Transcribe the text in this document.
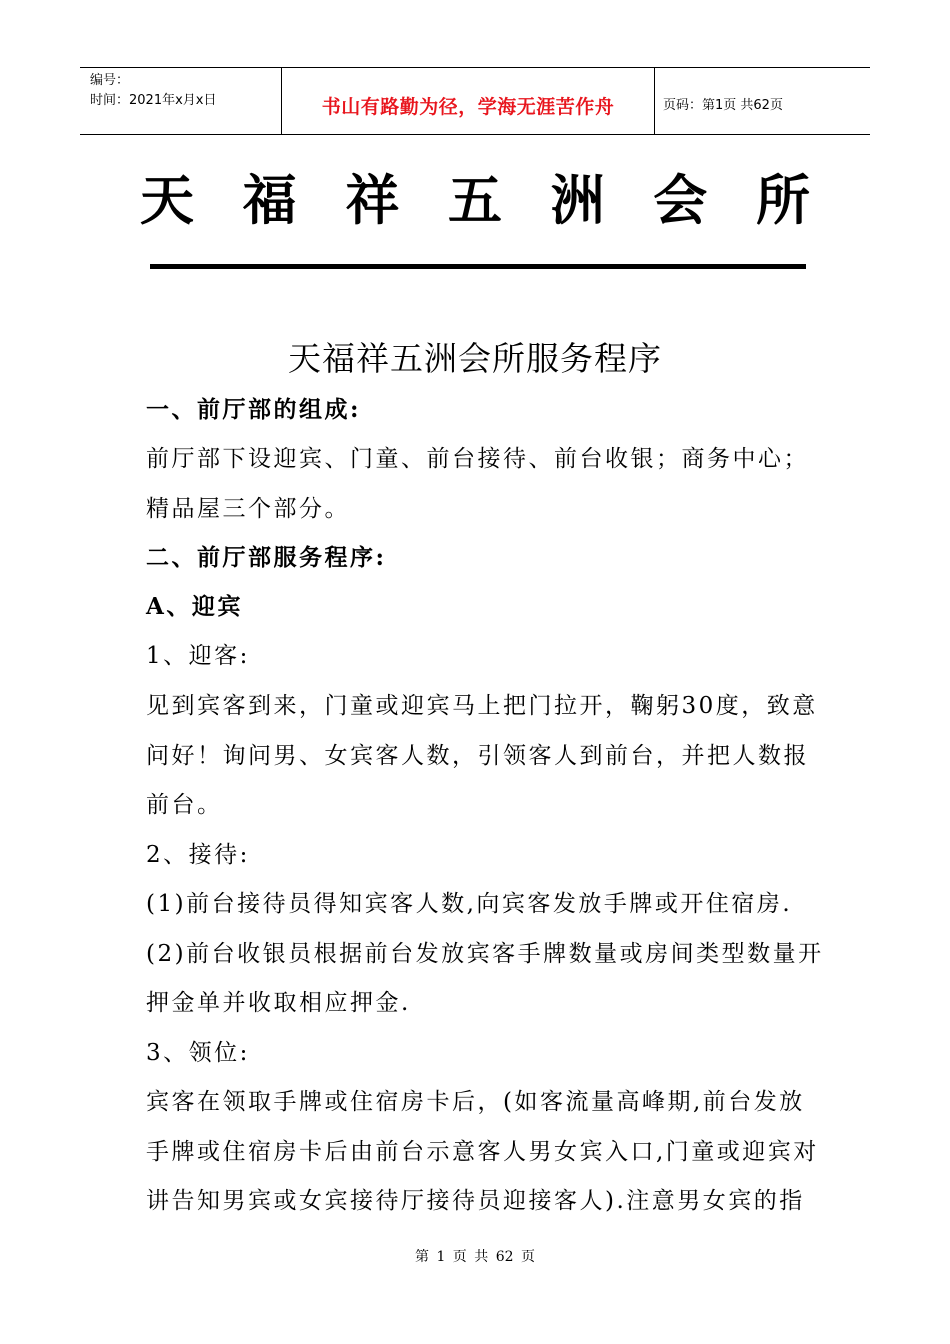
编号：
时间：2021年x月x日	书山有路勤为径，学海无涯苦作舟	页码：第1页 共62页
天 福 祥 五 洲 会 所
天福祥五洲会所服务程序
一、前厅部的组成:
前厅部下设迎宾、门童、前台接待、前台收银；商务中心；
精品屋三个部分。
二、前厅部服务程序:
A、迎宾
1、迎客:
见到宾客到来，门童或迎宾马上把门拉开，鞠躬30度，致意
问好！询问男、女宾客人数，引领客人到前台，并把人数报
前台。
2、接待:
(1)前台接待员得知宾客人数,向宾客发放手牌或开住宿房.
(2)前台收银员根据前台发放宾客手牌数量或房间类型数量开
押金单并收取相应押金.
3、领位:
宾客在领取手牌或住宿房卡后，(如客流量高峰期,前台发放
手牌或住宿房卡后由前台示意客人男女宾入口,门童或迎宾对
讲告知男宾或女宾接待厅接待员迎接客人).注意男女宾的指
第 1 页 共 62 页
